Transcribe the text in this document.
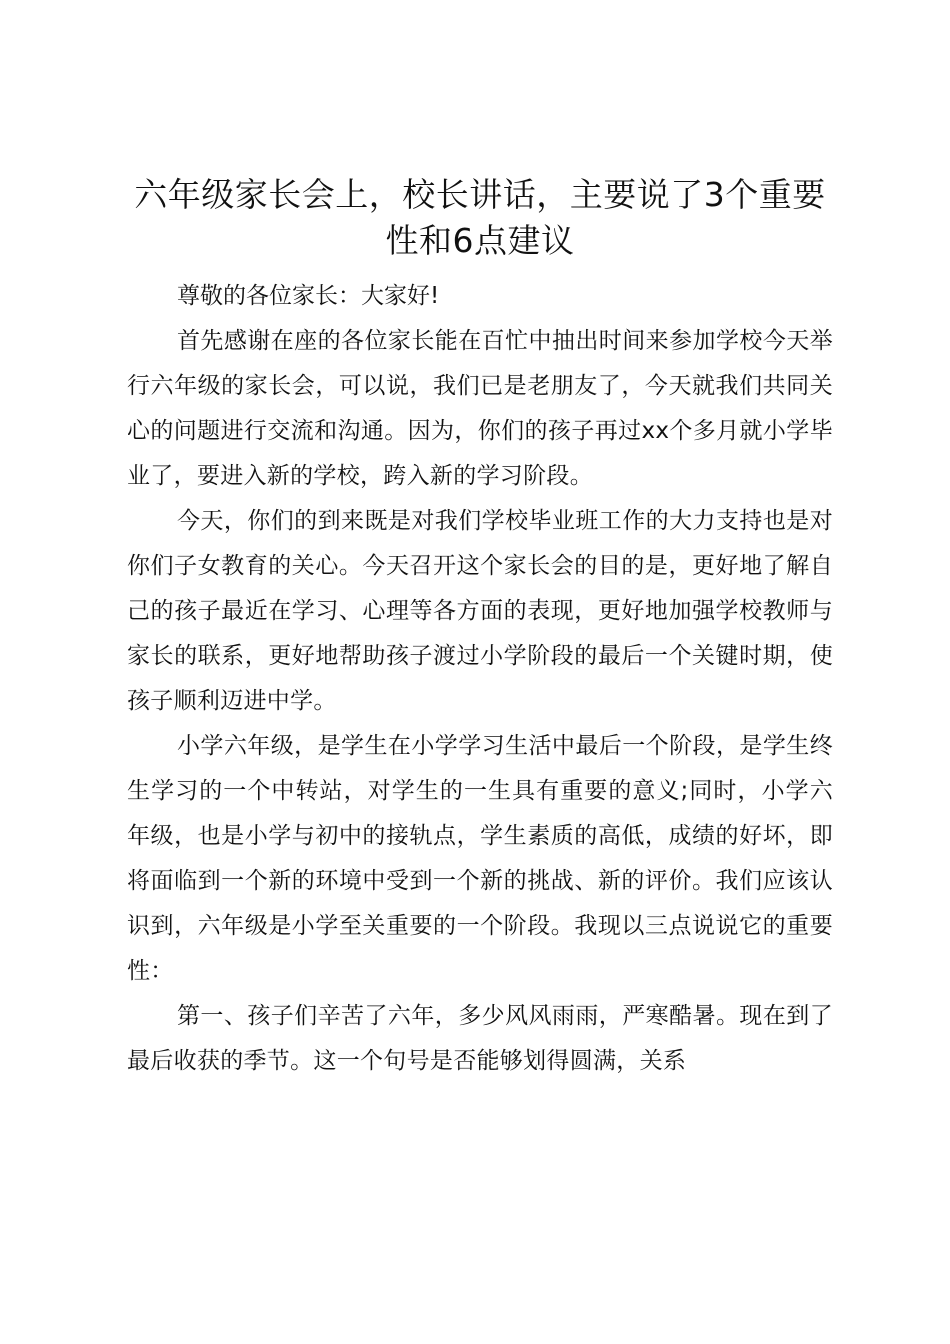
六年级家长会上，校长讲话，主要说了3个重要性和6点建议

尊敬的各位家长：大家好!

首先感谢在座的各位家长能在百忙中抽出时间来参加学校今天举行六年级的家长会，可以说，我们已是老朋友了，今天就我们共同关心的问题进行交流和沟通。因为，你们的孩子再过xx个多月就小学毕业了，要进入新的学校，跨入新的学习阶段。

今天，你们的到来既是对我们学校毕业班工作的大力支持也是对你们子女教育的关心。今天召开这个家长会的目的是，更好地了解自己的孩子最近在学习、心理等各方面的表现，更好地加强学校教师与家长的联系，更好地帮助孩子渡过小学阶段的最后一个关键时期，使孩子顺利迈进中学。

小学六年级，是学生在小学学习生活中最后一个阶段，是学生终生学习的一个中转站，对学生的一生具有重要的意义;同时，小学六年级，也是小学与初中的接轨点，学生素质的高低，成绩的好坏，即将面临到一个新的环境中受到一个新的挑战、新的评价。我们应该认识到，六年级是小学至关重要的一个阶段。我现以三点说说它的重要性：

第一、孩子们辛苦了六年，多少风风雨雨，严寒酷暑。现在到了最后收获的季节。这一个句号是否能够划得圆满，关系
